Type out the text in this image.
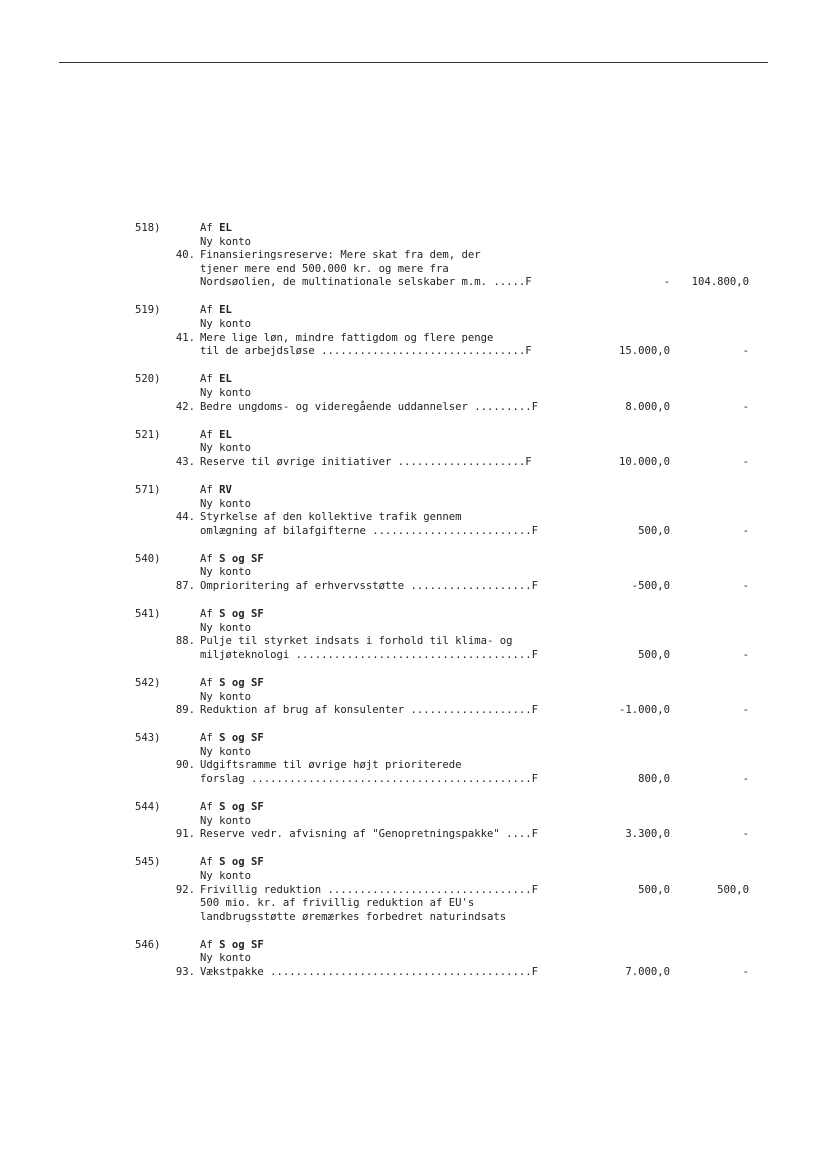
518)	Af EL
Ny konto
40. Finansieringsreserve: Mere skat fra dem, der
tjener mere end 500.000 kr. og mere fra
Nordsøolien, de multinationale selskaber m.m. .....F	- 104.800,0
519)	Af EL
Ny konto
41. Mere lige løn, mindre fattigdom og flere penge
til de arbejdsløse ................................F	15.000,0	-
520)	Af EL
Ny konto
42. Bedre ungdoms- og videregående uddannelser .........F	8.000,0	-
521)	Af EL
Ny konto
43. Reserve til øvrige initiativer ....................F	10.000,0	-
571)	Af RV
Ny konto
44. Styrkelse af den kollektive trafik gennem
omlægning af bilafgifterne .........................F	500,0	-
540)	Af S og SF
Ny konto
87. Omprioritering af erhvervsstøtte ...................F	-500,0	-
541)	Af S og SF
Ny konto
88. Pulje til styrket indsats i forhold til klima- og
miljøteknologi .....................................F	500,0	-
542)	Af S og SF
Ny konto
89. Reduktion af brug af konsulenter ...................F	-1.000,0	-
543)	Af S og SF
Ny konto
90. Udgiftsramme til øvrige højt prioriterede
forslag ............................................F	800,0	-
544)	Af S og SF
Ny konto
91. Reserve vedr. afvisning af "Genopretningspakke" ....F	3.300,0	-
545)	Af S og SF
Ny konto
92. Frivillig reduktion ................................F	500,0	500,0
500 mio. kr. af frivillig reduktion af EU's
landbrugsstøtte øremærkes forbedret naturindsats
546)	Af S og SF
Ny konto
93. Vækstpakke .........................................F	7.000,0	-
